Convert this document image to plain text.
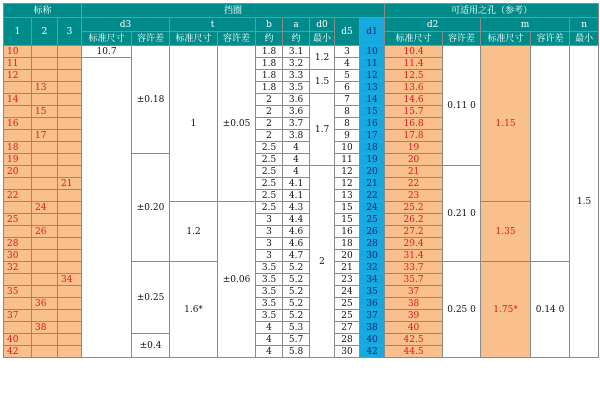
标称			挡圈									可适用之孔（参考）				
1	2	3	d3		t		b	a	d0	d5	d1	d2		m		n
			标准尺寸	容许差	标准尺寸	容许差	约	约	最小			标准尺寸	容许差	标准尺寸	容许差	最小
10			10.7	±0.18	1	±0.05	1.8	3.1	1.2	3	10	10.4	0.11 0	1.15		1.5
11							1.8	3.2		4	11	11.4				
12							1.8	3.3	1.5	5	12	12.5				
	13						1.8	3.5		6	13	13.6				
14							2	3.6	1.7	7	14	14.6				
	15						2	3.6		8	15	15.7				
16							2	3.7		8	16	16.8				
	17						2	3.8		9	17	17.8				
18							2.5	4		10	18	19				
19				±0.20			2.5	4		11	19	20				
20							2.5	4	2	12	20	21	0.21 0			
		21					2.5	4.1		12	21	22				
22							2.5	4.1		13	22	23				
	24				1.2	±0.06	2.5	4.3		15	24	25.2		1.35		
25							3	4.4		15	25	26.2				
	26						3	4.6		16	26	27.2				
28							3	4.6		18	28	29.4				
30							3	4.7		20	30	31.4				
32				±0.25	1.6*		3.5	5.2		21	32	33.7	0.25 0	1.75*	0.14 0	
		34					3.5	5.2		23	34	35.7				
35							3.5	5.2		24	35	37				
	36						3.5	5.2		25	36	38				
37							3.5	5.2		25	37	39				
	38						4	5.3		27	38	40				
40				±0.4			4	5.7		28	40	42.5				
42							4	5.8		30	42	44.5				
